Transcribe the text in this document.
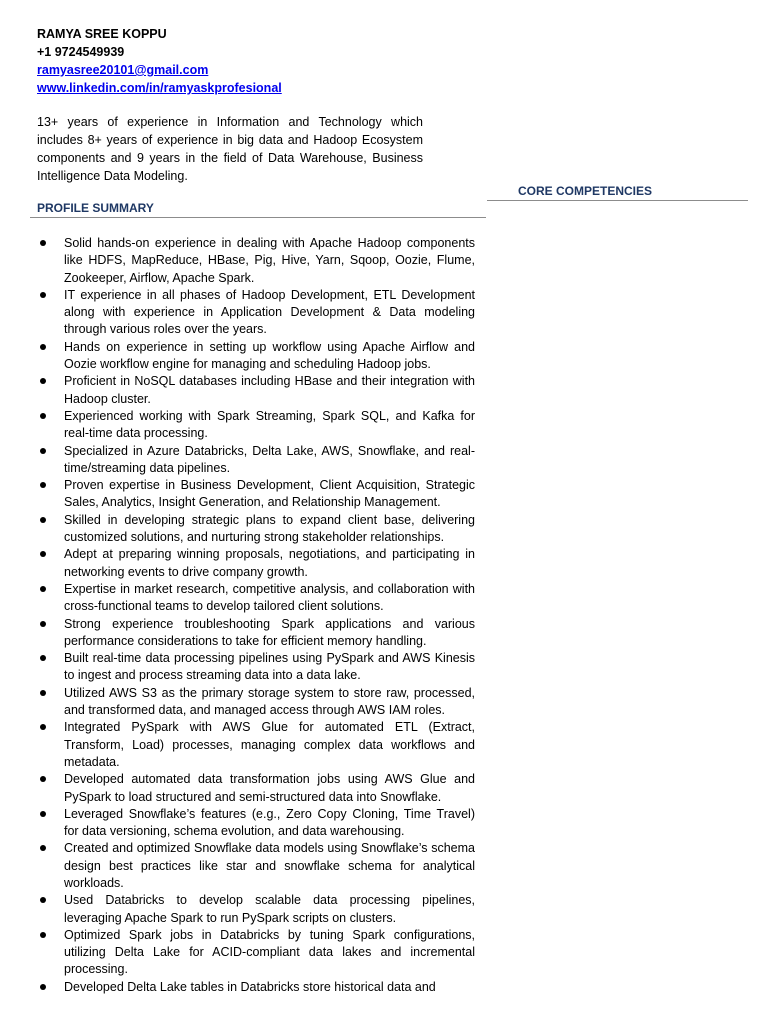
RAMYA SREE KOPPU
+1 9724549939
ramyasree20101@gmail.com
www.linkedin.com/in/ramyaskprofesional
13+ years of experience in Information and Technology which includes 8+ years of experience in big data and Hadoop Ecosystem components and 9 years in the field of Data Warehouse, Business Intelligence Data Modeling.
CORE COMPETENCIES
PROFILE SUMMARY
Solid hands-on experience in dealing with Apache Hadoop components like HDFS, MapReduce, HBase, Pig, Hive, Yarn, Sqoop, Oozie, Flume, Zookeeper, Airflow, Apache Spark.
IT experience in all phases of Hadoop Development, ETL Development along with experience in Application Development & Data modeling through various roles over the years.
Hands on experience in setting up workflow using Apache Airflow and Oozie workflow engine for managing and scheduling Hadoop jobs.
Proficient in NoSQL databases including HBase and their integration with Hadoop cluster.
Experienced working with Spark Streaming, Spark SQL, and Kafka for real-time data processing.
Specialized in Azure Databricks, Delta Lake, AWS, Snowflake, and real-time/streaming data pipelines.
Proven expertise in Business Development, Client Acquisition, Strategic Sales, Analytics, Insight Generation, and Relationship Management.
Skilled in developing strategic plans to expand client base, delivering customized solutions, and nurturing strong stakeholder relationships.
Adept at preparing winning proposals, negotiations, and participating in networking events to drive company growth.
Expertise in market research, competitive analysis, and collaboration with cross-functional teams to develop tailored client solutions.
Strong experience troubleshooting Spark applications and various performance considerations to take for efficient memory handling.
Built real-time data processing pipelines using PySpark and AWS Kinesis to ingest and process streaming data into a data lake.
Utilized AWS S3 as the primary storage system to store raw, processed, and transformed data, and managed access through AWS IAM roles.
Integrated PySpark with AWS Glue for automated ETL (Extract, Transform, Load) processes, managing complex data workflows and metadata.
Developed automated data transformation jobs using AWS Glue and PySpark to load structured and semi-structured data into Snowflake.
Leveraged Snowflake’s features (e.g., Zero Copy Cloning, Time Travel) for data versioning, schema evolution, and data warehousing.
Created and optimized Snowflake data models using Snowflake’s schema design best practices like star and snowflake schema for analytical workloads.
Used Databricks to develop scalable data processing pipelines, leveraging Apache Spark to run PySpark scripts on clusters.
Optimized Spark jobs in Databricks by tuning Spark configurations, utilizing Delta Lake for ACID-compliant data lakes and incremental processing.
Developed Delta Lake tables in Databricks store historical data and
